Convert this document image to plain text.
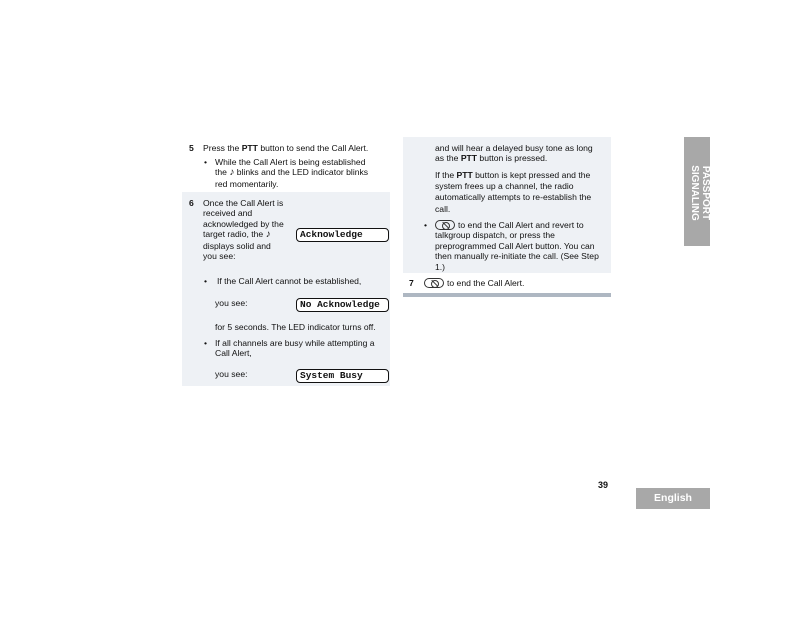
5 Press the PTT button to send the Call Alert.
• While the Call Alert is being established
the ♪ blinks and the LED indicator blinks
red momentarily.
6 Once the Call Alert is
received and
acknowledged by the
target radio, the ♪
displays solid and
you see:
Acknowledge
• If the Call Alert cannot be established,
you see:	No Acknowledge
for 5 seconds. The LED indicator turns off.
• If all channels are busy while attempting a
Call Alert,
you see:	System Busy
and will hear a delayed busy tone as long
as the PTT button is pressed.
If the PTT button is kept pressed and the
system frees up a channel, the radio
automatically attempts to re-establish the
call.
•	to end the Call Alert and revert to
talkgroup dispatch, or press the
preprogrammed Call Alert button. You can
then manually re-initiate the call. (See Step
1.)
7	to end the Call Alert.
39
PASSPORT
SIGNALING
English
